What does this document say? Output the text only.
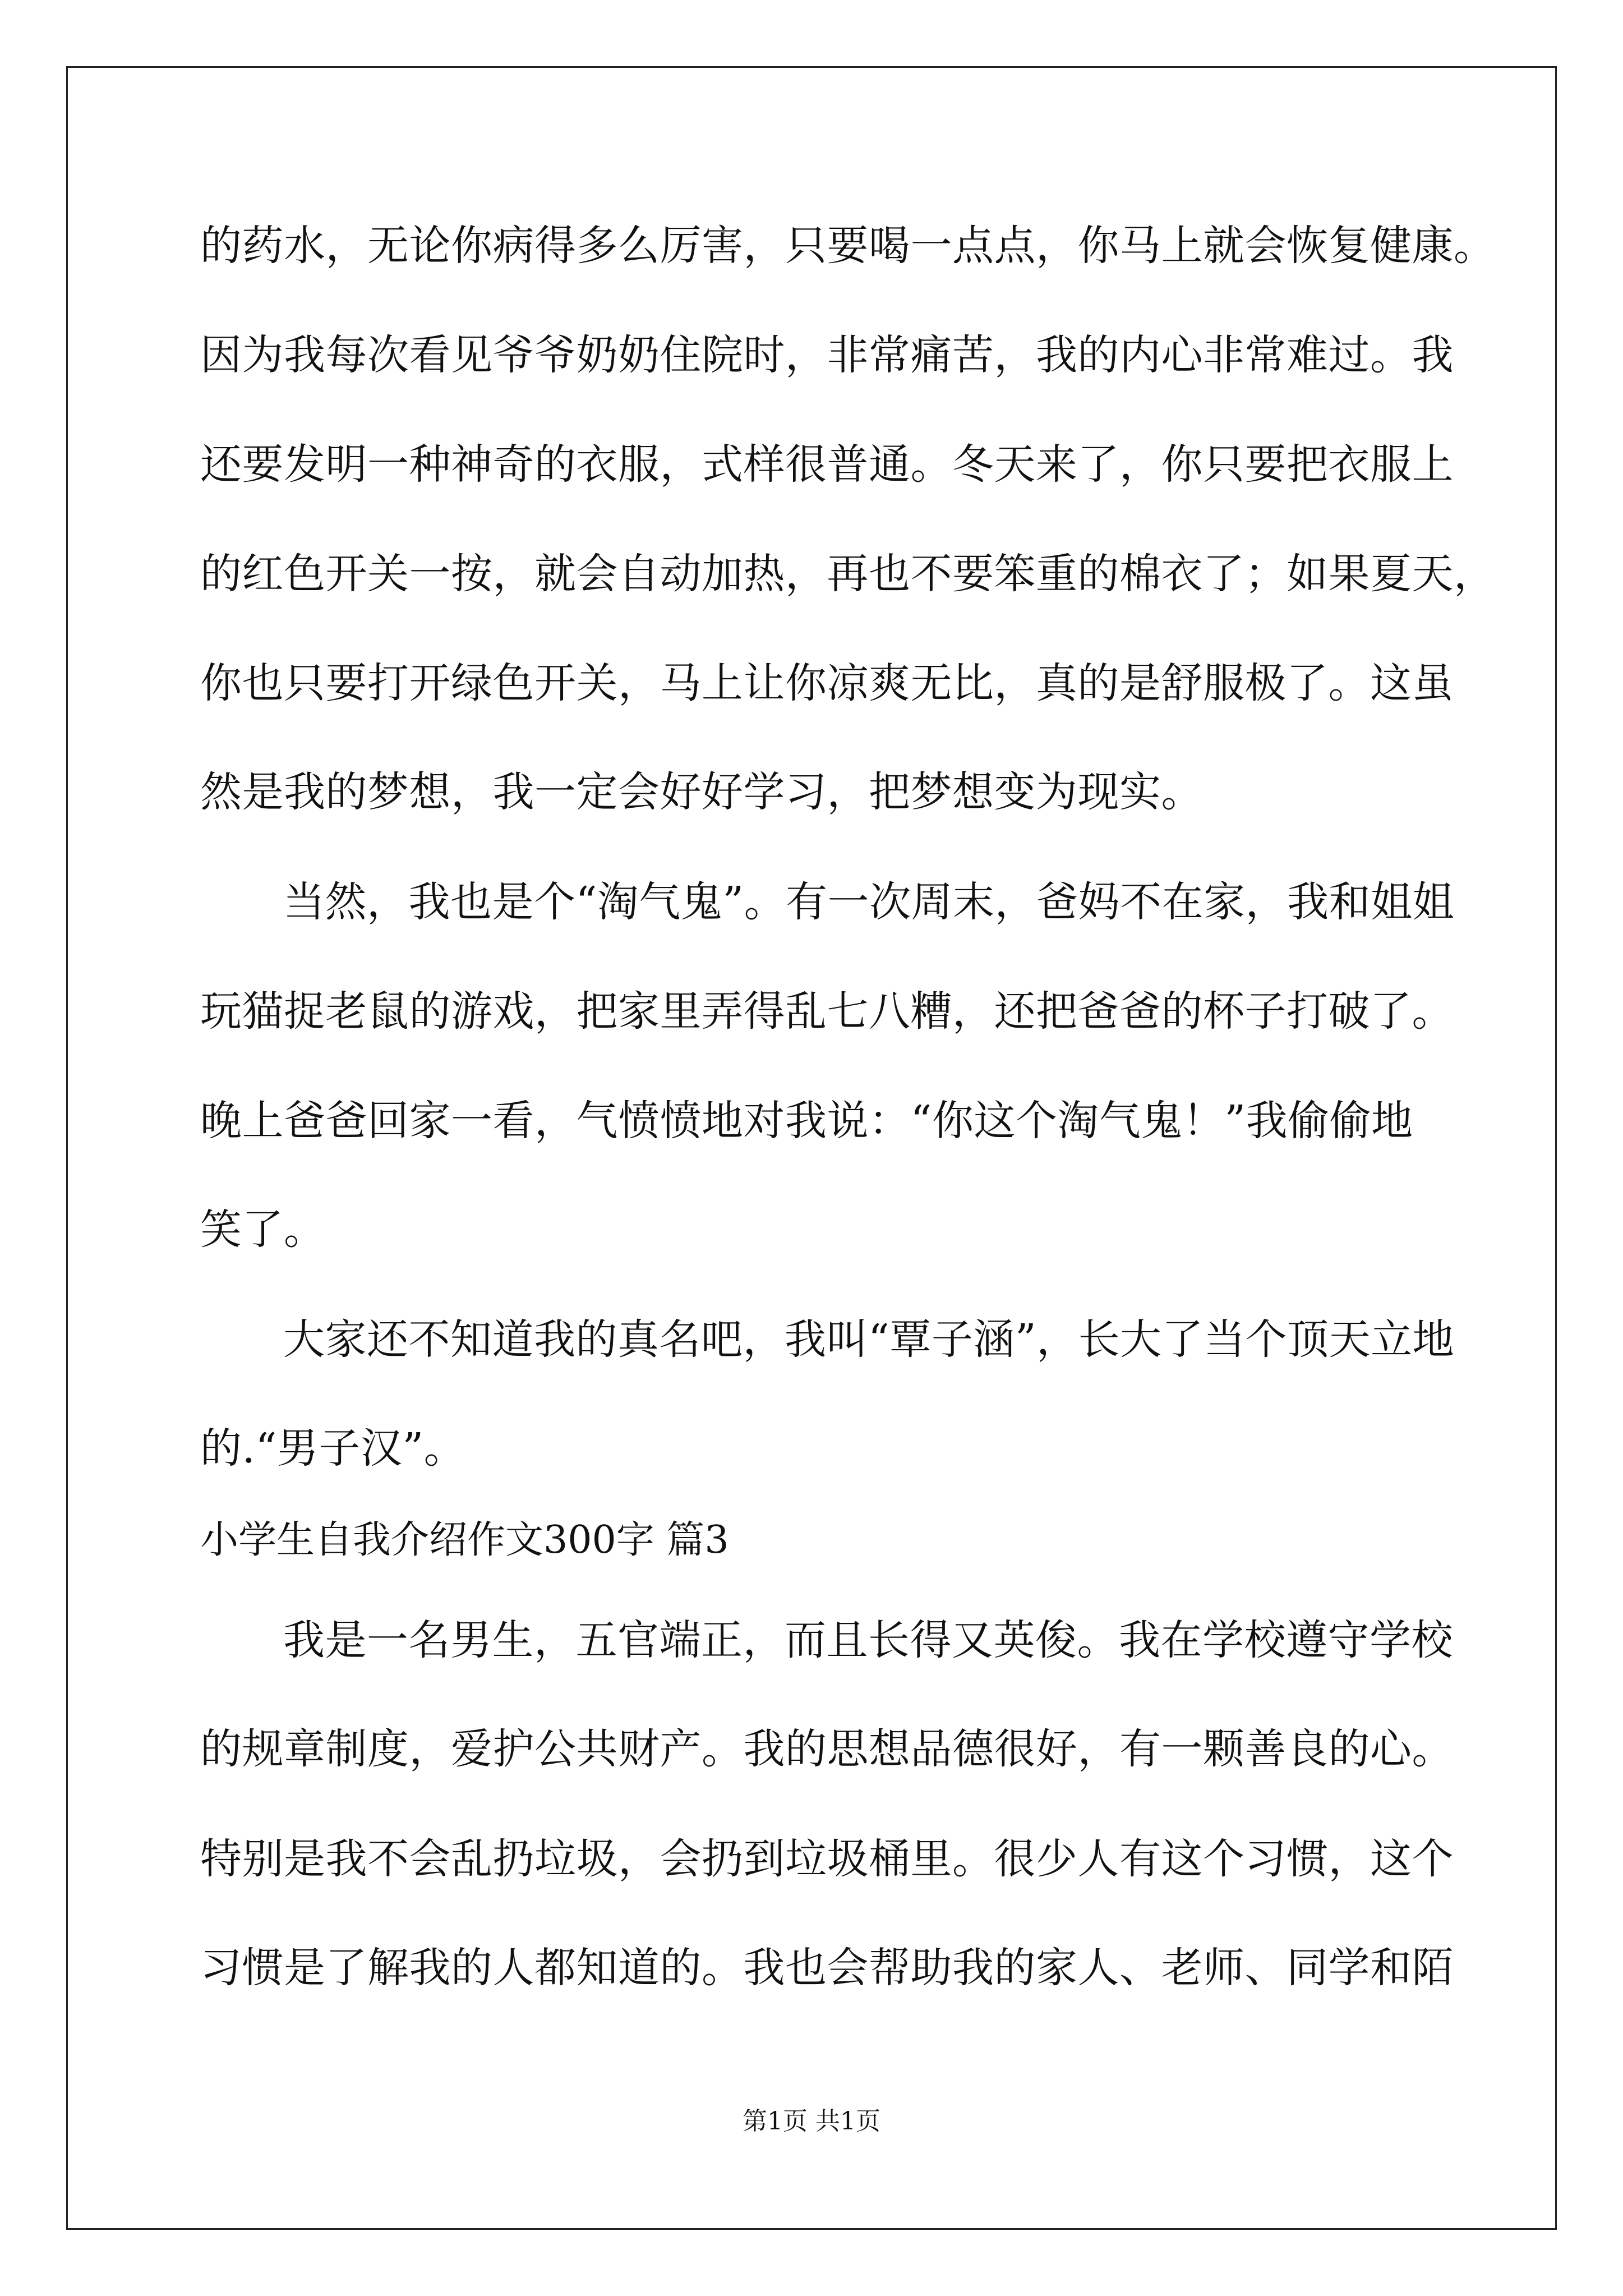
的药水，无论你病得多么厉害，只要喝一点点，你马上就会恢复健康。
因为我每次看见爷爷奶奶住院时，非常痛苦，我的内心非常难过。我
还要发明一种神奇的衣服，式样很普通。冬天来了，你只要把衣服上
的红色开关一按，就会自动加热，再也不要笨重的棉衣了；如果夏天，
你也只要打开绿色开关，马上让你凉爽无比，真的是舒服极了。这虽
然是我的梦想，我一定会好好学习，把梦想变为现实。
当然，我也是个“淘气鬼”。有一次周末，爸妈不在家，我和姐姐
玩猫捉老鼠的游戏，把家里弄得乱七八糟，还把爸爸的杯子打破了。
晚上爸爸回家一看，气愤愤地对我说：“你这个淘气鬼！”我偷偷地
笑了。
大家还不知道我的真名吧，我叫“覃子涵”，长大了当个顶天立地
的.“男子汉”。
小学生自我介绍作文300字 篇3
我是一名男生，五官端正，而且长得又英俊。我在学校遵守学校
的规章制度，爱护公共财产。我的思想品德很好，有一颗善良的心。
特别是我不会乱扔垃圾，会扔到垃圾桶里。很少人有这个习惯，这个
习惯是了解我的人都知道的。我也会帮助我的家人、老师、同学和陌
第1页 共1页
